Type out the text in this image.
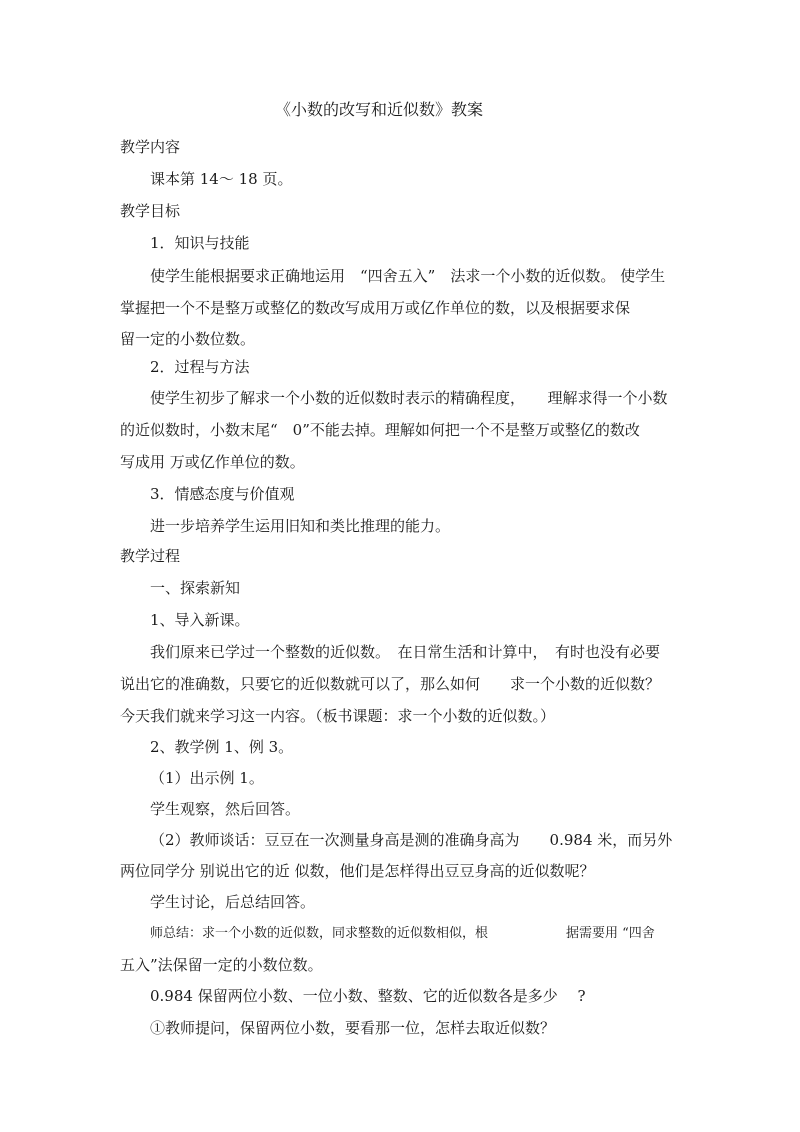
《小数的改写和近似数》教案
教学内容
课本第 14～ 18 页。
教学目标
1．知识与技能
使学生能根据要求正确地运用　“四舍五入”　法求一个小数的近似数。 使学生
掌握把一个不是整万或整亿的数改写成用万或亿作单位的数，以及根据要求保
留一定的小数位数。
2．过程与方法
使学生初步了解求一个小数的近似数时表示的精确程度，　　理解求得一个小数
的近似数时，小数末尾“　0”不能去掉。理解如何把一个不是整万或整亿的数改
写成用 万或亿作单位的数。
3．情感态度与价值观
进一步培养学生运用旧知和类比推理的能力。
教学过程
一、探索新知
1、导入新课。
我们原来已学过一个整数的近似数。　在日常生活和计算中，　有时也没有必要
说出它的准确数，只要它的近似数就可以了，那么如何　　求一个小数的近似数？
今天我们就来学习这一内容。（板书课题：求一个小数的近似数。）
2、教学例 1、例 3。
（1）出示例 1。
学生观察，然后回答。
（2）教师谈话：豆豆在一次测量身高是测的准确身高为　　0.984 米，而另外
两位同学分 别说出它的近 似数，他们是怎样得出豆豆身高的近似数呢？
学生讨论，后总结回答。
师总结：求一个小数的近似数，同求整数的近似数相似，根　　　　　　据需要用 “四舍
五入”法保留一定的小数位数。
0.984 保留两位小数、一位小数、整数、它的近似数各是多少　 ?
①教师提问，保留两位小数，要看那一位，怎样去取近似数？
